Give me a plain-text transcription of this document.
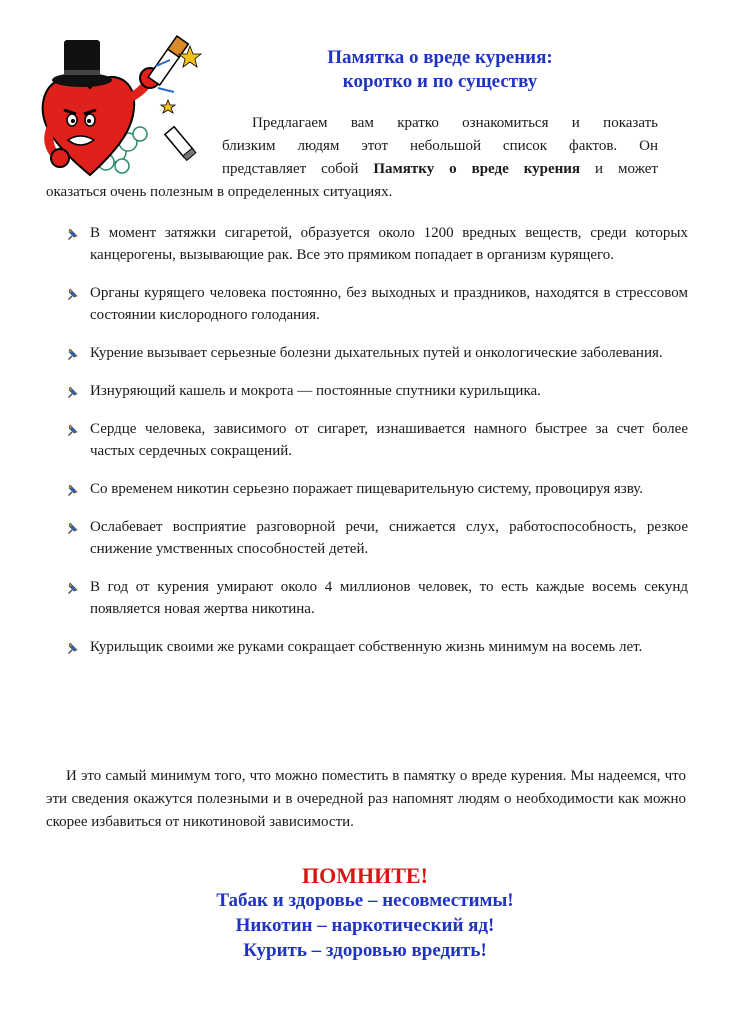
Памятка о вреде курения:
коротко и по существу
Предлагаем вам кратко ознакомиться и показать
близким людям этот небольшой список фактов. Он
представляет собой Памятку о вреде курения и может
оказаться очень полезным в определенных ситуациях.
В момент затяжки сигаретой, образуется около 1200 вредных веществ, среди которых канцерогены, вызывающие рак. Все это прямиком попадает в организм курящего.
Органы курящего человека постоянно, без выходных и праздников, находятся в стрессовом состоянии кислородного голодания.
Курение вызывает серьезные болезни дыхательных путей и онкологические заболевания.
Изнуряющий кашель и мокрота — постоянные спутники курильщика.
Сердце человека, зависимого от сигарет, изнашивается намного быстрее за счет более частых сердечных сокращений.
Со временем никотин серьезно поражает пищеварительную систему, провоцируя язву.
Ослабевает восприятие разговорной речи, снижается слух, работоспособность, резкое снижение умственных способностей детей.
В год от курения умирают около 4 миллионов человек, то есть каждые восемь секунд появляется новая жертва никотина.
Курильщик своими же руками сокращает собственную жизнь минимум на восемь лет.
И это самый минимум того, что можно поместить в памятку о вреде курения. Мы надеемся, что эти сведения окажутся полезными и в очередной раз напомнят людям о необходимости как можно скорее избавиться от никотиновой зависимости.
ПОМНИТЕ!
Табак и здоровье – несовместимы!
Никотин – наркотический яд!
Курить – здоровью вредить!
